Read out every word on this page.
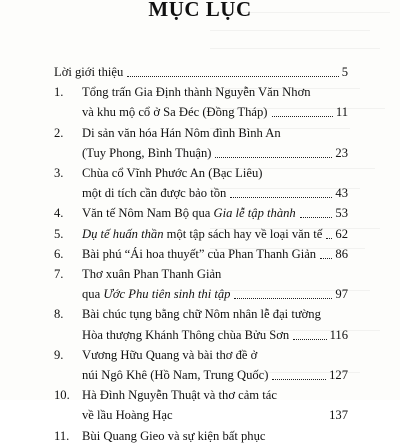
MỤC LỤC
Lời giới thiệu	5
1. Tổng trấn Gia Định thành Nguyễn Văn Nhơn
và khu mộ cổ ở Sa Đéc (Đồng Tháp)	11
2. Di sản văn hóa Hán Nôm đình Bình An
(Tuy Phong, Bình Thuận)	23
3. Chùa cổ Vĩnh Phước An (Bạc Liêu)
một di tích cần được bảo tồn	43
4. Văn tế Nôm Nam Bộ qua Gia lễ tập thành	53
5. Dụ tế huấn thần một tập sách hay về loại văn tế 62
6. Bài phú “Ái hoa thuyết” của Phan Thanh Giản 86
7. Thơ xuân Phan Thanh Giản
qua Ước Phu tiên sinh thi tập	97
8. Bài chúc tụng bằng chữ Nôm nhân lễ đại tường
Hòa thượng Khánh Thông chùa Bửu Sơn	116
9. Vương Hữu Quang và bài thơ đề ở
núi Ngô Khê (Hồ Nam, Trung Quốc)	127
10. Hà Đình Nguyễn Thuật và thơ cảm tác
về lầu Hoàng Hạc	137
11. Bùi Quang Gieo và sự kiện bất phục
